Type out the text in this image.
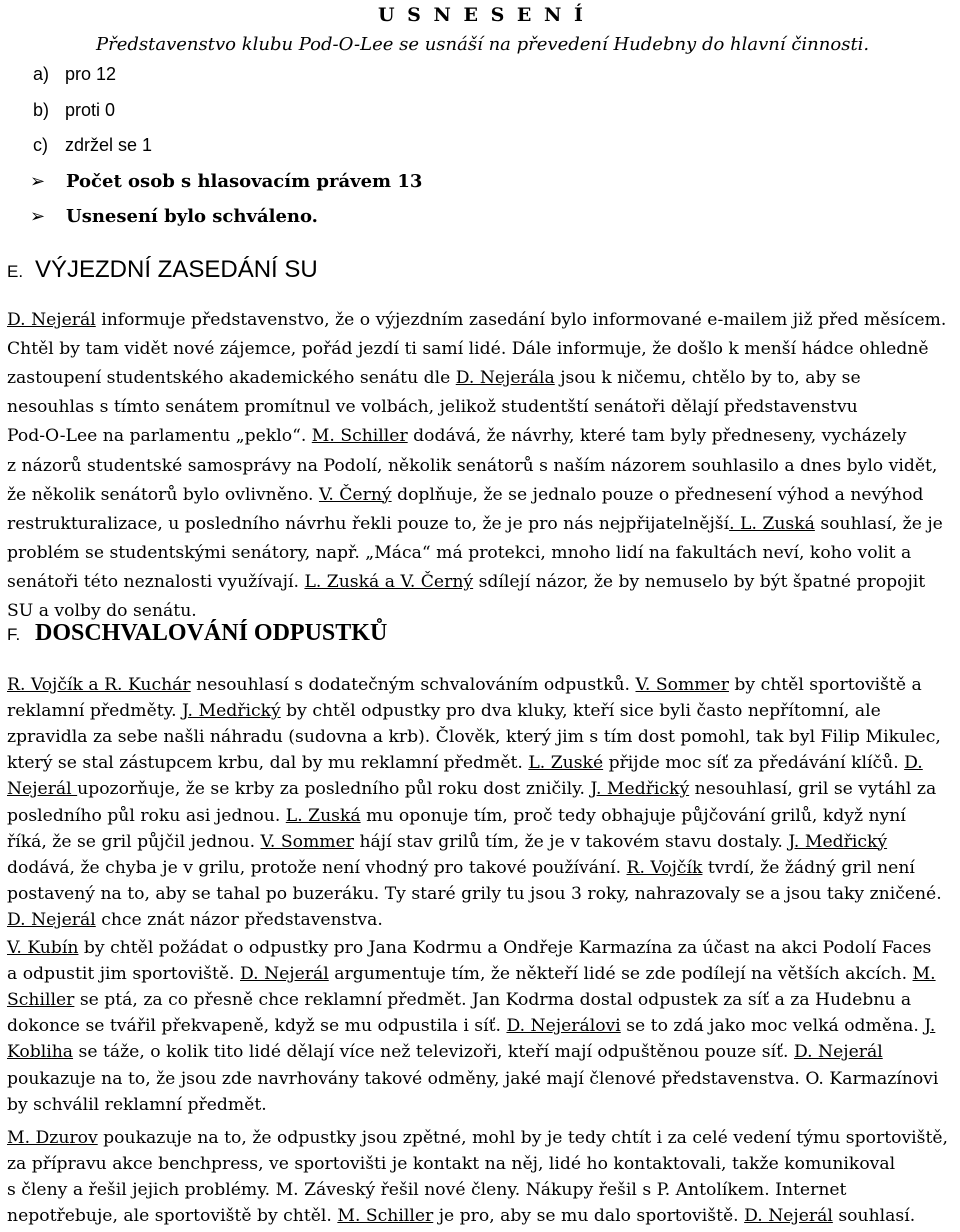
U S N E S E N Í
Představenstvo klubu Pod-O-Lee se usnáší na převedení Hudebny do hlavní činnosti.
a) pro 12
b) proti 0
c) zdržel se 1
➢ Počet osob s hlasovacím právem 13
➢ Usnesení bylo schváleno.
E. VÝJEZDNÍ ZASEDÁNÍ SU
D. Nejerál informuje představenstvo, že o výjezdním zasedání bylo informované e-mailem již před měsícem.
Chtěl by tam vidět nové zájemce, pořád jezdí ti samí lidé. Dále informuje, že došlo k menší hádce ohledně
zastoupení studentského akademického senátu dle D. Nejerála jsou k ničemu, chtělo by to, aby se
nesouhlas s tímto senátem promítnul ve volbách, jelikož studentští senátoři dělají představenstvu
Pod-O-Lee na parlamentu „peklo“. M. Schiller dodává, že návrhy, které tam byly předneseny, vycházely
z názorů studentské samosprávy na Podolí, několik senátorů s naším názorem souhlasilo a dnes bylo vidět,
že několik senátorů bylo ovlivněno. V. Černý doplňuje, že se jednalo pouze o přednesení výhod a nevýhod
restrukturalizace, u posledního návrhu řekli pouze to, že je pro nás nejpřijatelnější. L. Zuská souhlasí, že je
problém se studentskými senátory, např. „Máca“ má protekci, mnoho lidí na fakultách neví, koho volit a
senátoři této neznalosti využívají. L. Zuská a V. Černý sdílejí názor, že by nemuselo by být špatné propojit
SU a volby do senátu.
F. DOSCHVALOVÁNÍ ODPUSTKŮ
R. Vojčík a R. Kuchár nesouhlasí s dodatečným schvalováním odpustků. V. Sommer by chtěl sportoviště a
reklamní předměty. J. Medřický by chtěl odpustky pro dva kluky, kteří sice byli často nepřítomní, ale
zpravidla za sebe našli náhradu (sudovna a krb). Člověk, který jim s tím dost pomohl, tak byl Filip Mikulec,
který se stal zástupcem krbu, dal by mu reklamní předmět. L. Zuské přijde moc síť za předávání klíčů. D.
Nejerál upozorňuje, že se krby za posledního půl roku dost zničily. J. Medřický nesouhlasí, gril se vytáhl za
posledního půl roku asi jednou. L. Zuská mu oponuje tím, proč tedy obhajuje půjčování grilů, když nyní
říká, že se gril půjčil jednou. V. Sommer hájí stav grilů tím, že je v takovém stavu dostaly. J. Medřický
dodává, že chyba je v grilu, protože není vhodný pro takové používání. R. Vojčík tvrdí, že žádný gril není
postavený na to, aby se tahal po buzeráku. Ty staré grily tu jsou 3 roky, nahrazovaly se a jsou taky zničené.
D. Nejerál chce znát názor představenstva.
V. Kubín by chtěl požádat o odpustky pro Jana Kodrmu a Ondřeje Karmazína za účast na akci Podolí Faces
a odpustit jim sportoviště. D. Nejerál argumentuje tím, že někteří lidé se zde podílejí na větších akcích. M.
Schiller se ptá, za co přesně chce reklamní předmět. Jan Kodrma dostal odpustek za síť a za Hudebnu a
dokonce se tvářil překvapeně, když se mu odpustila i síť. D. Nejerálovi se to zdá jako moc velká odměna. J.
Kobliha se táže, o kolik tito lidé dělají více než televizoři, kteří mají odpuštěnou pouze síť. D. Nejerál
poukazuje na to, že jsou zde navrhovány takové odměny, jaké mají členové představenstva. O. Karmazínovi
by schválil reklamní předmět.
M. Dzurov poukazuje na to, že odpustky jsou zpětné, mohl by je tedy chtít i za celé vedení týmu sportoviště,
za přípravu akce benchpress, ve sportovišti je kontakt na něj, lidé ho kontaktovali, takže komunikoval
s členy a řešil jejich problémy. M. Záveský řešil nové členy. Nákupy řešil s P. Antolíkem. Internet
nepotřebuje, ale sportoviště by chtěl. M. Schiller je pro, aby se mu dalo sportoviště. D. Nejerál souhlasí.
